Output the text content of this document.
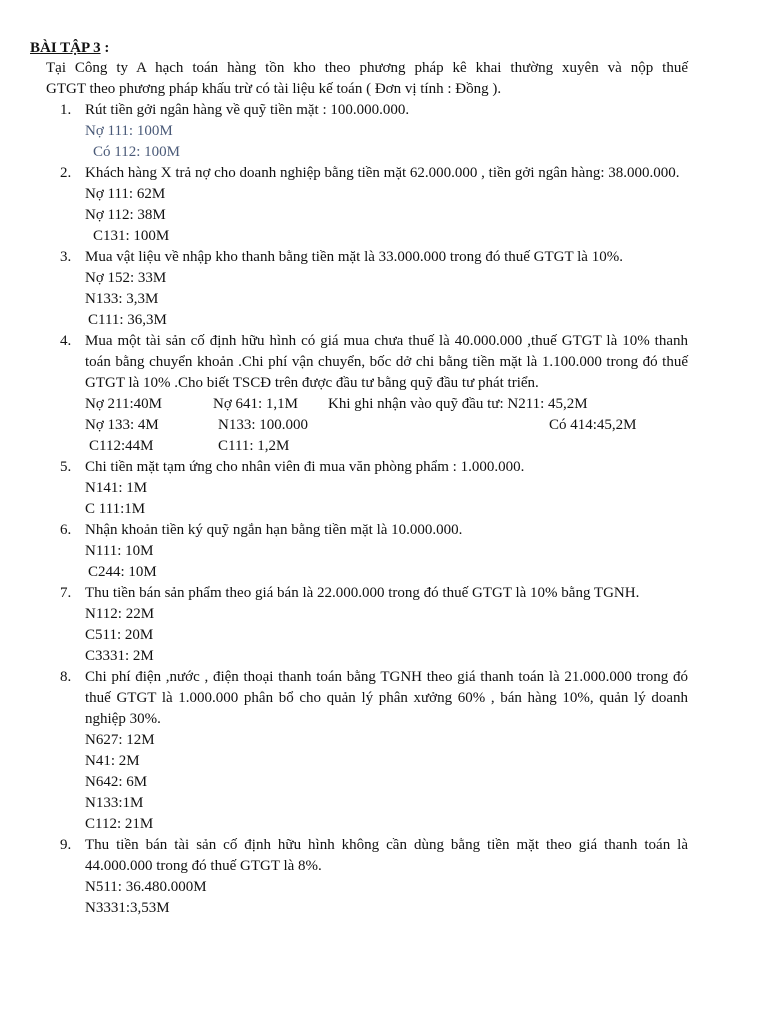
BÀI TẬP 3 :
Tại Công ty A hạch toán hàng tồn kho theo phương pháp kê khai thường xuyên và nộp thuế
GTGT theo phương pháp khấu trừ có tài liệu kế toán ( Đơn vị tính : Đồng ).
1. Rút tiền gởi ngân hàng về quỹ tiền mặt : 100.000.000.
Nợ 111: 100M
Có 112: 100M
2. Khách hàng X trả nợ cho doanh nghiệp bằng tiền mặt 62.000.000 , tiền gởi ngân hàng: 38.000.000.
Nợ 111: 62M
Nợ 112: 38M
C131: 100M
3. Mua vật liệu về nhập kho thanh bằng tiền mặt là 33.000.000 trong đó thuế GTGT là 10%.
Nợ 152: 33M
N133: 3,3M
C111: 36,3M
4. Mua một tài sản cố định hữu hình có giá mua chưa thuế là 40.000.000 ,thuế GTGT là 10% thanh toán bằng chuyển khoản .Chi phí vận chuyển, bốc dở chi bằng tiền mặt là 1.100.000 trong đó thuế GTGT là 10% .Cho biết TSCĐ trên được đầu tư bằng quỹ đầu tư phát triển.
Nợ 211:40M	Nợ 641: 1,1M Khi ghi nhận vào quỹ đầu tư: N211: 45,2M
Nợ 133: 4M	N133: 100.000	Có 414:45,2M
C112:44M	C111: 1,2M
5. Chi tiền mặt tạm ứng cho nhân viên đi mua văn phòng phẩm : 1.000.000.
N141: 1M
C 111:1M
6. Nhận khoản tiền ký quỹ ngắn hạn bằng tiền mặt là 10.000.000.
N111: 10M
C244: 10M
7. Thu tiền bán sản phẩm theo giá bán là 22.000.000 trong đó thuế GTGT là 10% bằng TGNH.
N112: 22M
C511: 20M
C3331: 2M
8. Chi phí điện ,nước , điện thoại thanh toán bằng TGNH theo giá thanh toán là 21.000.000 trong đó thuế GTGT là 1.000.000 phân bổ cho quản lý phân xưởng 60% , bán hàng 10%, quản lý doanh nghiệp 30%.
N627: 12M
N41: 2M
N642: 6M
N133:1M
C112: 21M
9. Thu tiền bán tài sản cố định hữu hình không cần dùng bằng tiền mặt theo giá thanh toán là 44.000.000 trong đó thuế GTGT là 8%.
N511: 36.480.000M
N3331:3,53M
